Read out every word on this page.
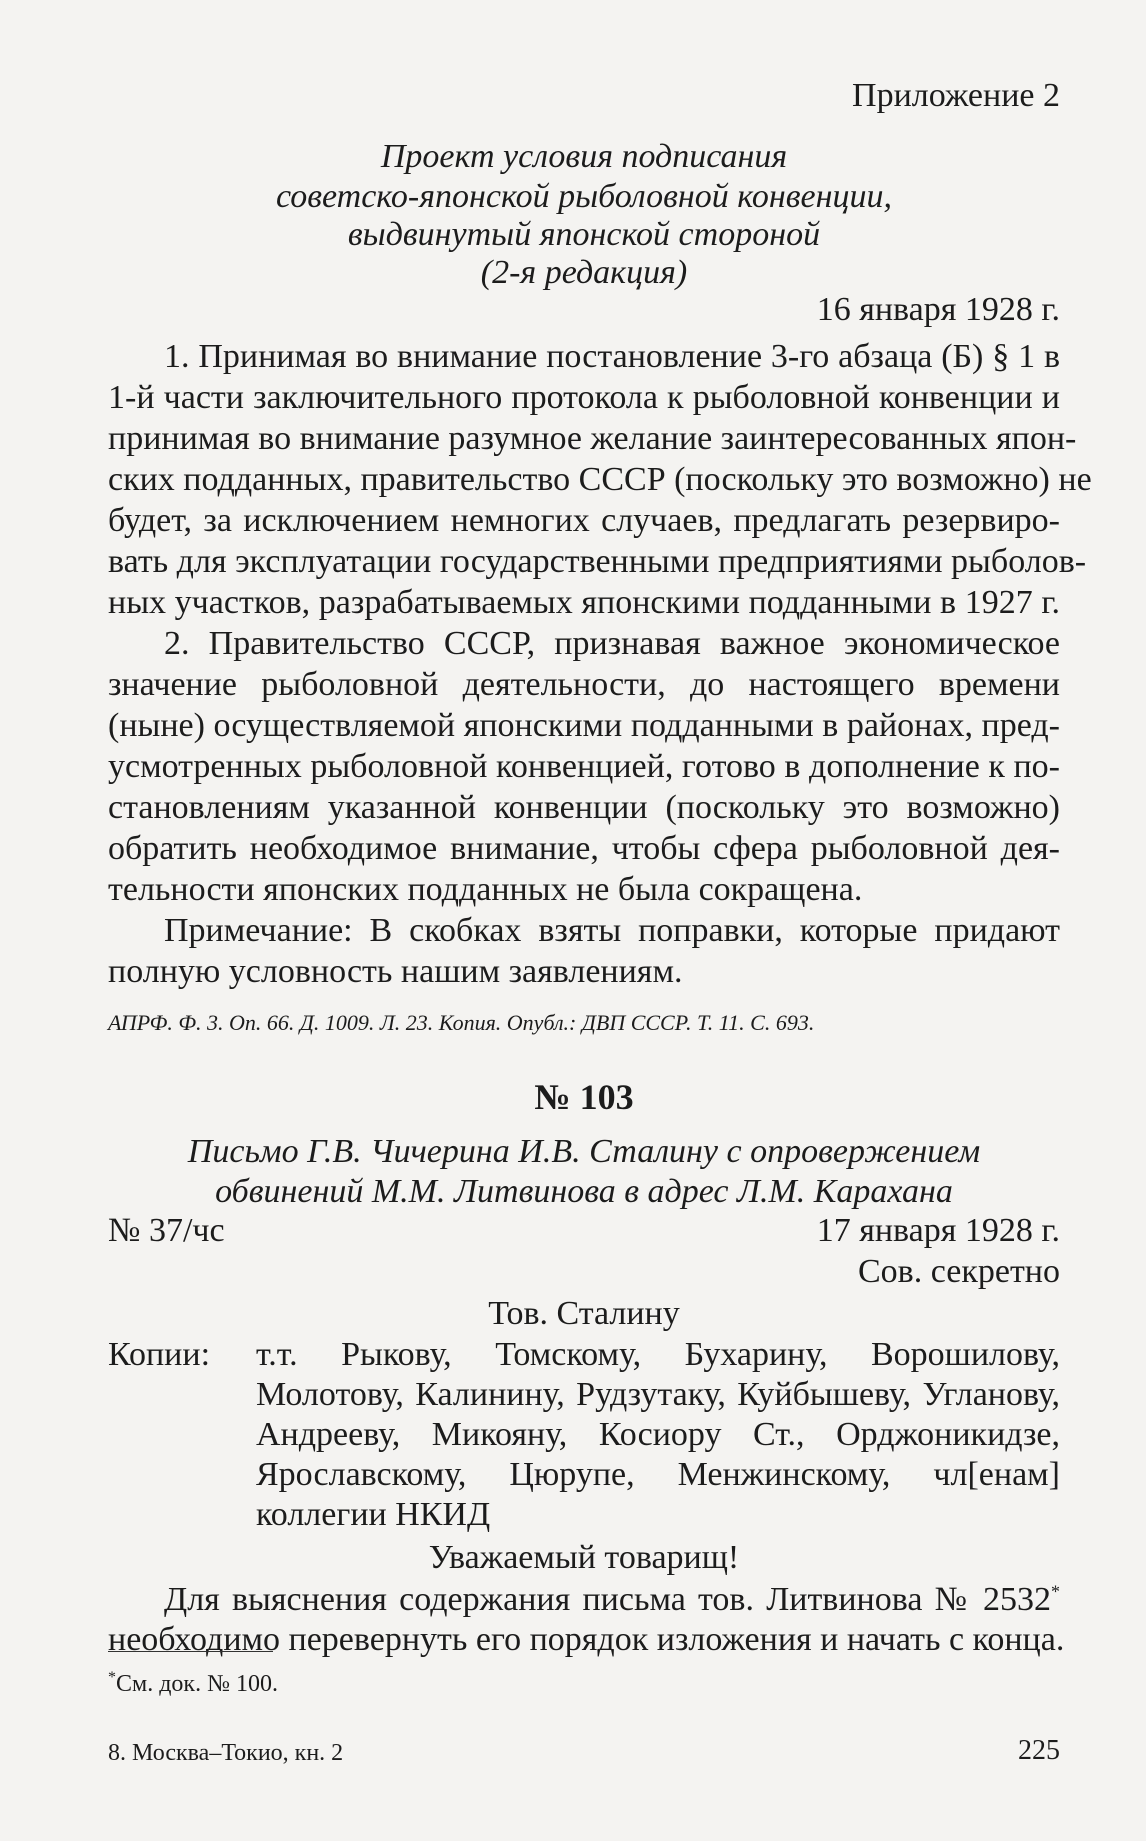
Приложение 2
Проект условия подписания
советско-японской рыболовной конвенции,
выдвинутый японской стороной
(2-я редакция)
16 января 1928 г.
1. Принимая во внимание постановление 3-го абзаца (Б) § 1 в
1-й части заключительного протокола к рыболовной конвенции и
принимая во внимание разумное желание заинтересованных япон-
ских подданных, правительство СССР (поскольку это возможно) не
будет, за исключением немногих случаев, предлагать резервиро-
вать для эксплуатации государственными предприятиями рыболов-
ных участков, разрабатываемых японскими подданными в 1927 г.
2. Правительство СССР, признавая важное экономическое
значение рыболовной деятельности, до настоящего времени
(ныне) осуществляемой японскими подданными в районах, пред-
усмотренных рыболовной конвенцией, готово в дополнение к по-
становлениям указанной конвенции (поскольку это возможно)
обратить необходимое внимание, чтобы сфера рыболовной дея-
тельности японских подданных не была сокращена.
Примечание: В скобках взяты поправки, которые придают
полную условность нашим заявлениям.
АПРФ. Ф. 3. Оп. 66. Д. 1009. Л. 23. Копия. Опубл.: ДВП СССР. Т. 11. С. 693.
№ 103
Письмо Г.В. Чичерина И.В. Сталину с опровержением
обвинений М.М. Литвинова в адрес Л.М. Карахана
№ 37/чс	17 января 1928 г.
Сов. секретно
Тов. Сталину
Копии: т.т. Рыкову, Томскому, Бухарину, Ворошилову,
Молотову, Калинину, Рудзутаку, Куйбышеву, Угланову,
Андрееву, Микояну, Косиору Ст., Орджоникидзе,
Ярославскому, Цюрупе, Менжинскому, чл[енам]
коллегии НКИД
Уважаемый товарищ!
Для выяснения содержания письма тов. Литвинова № 2532*
необходимо перевернуть его порядок изложения и начать с конца.
*См. док. № 100.
8. Москва–Токио, кн. 2	225
